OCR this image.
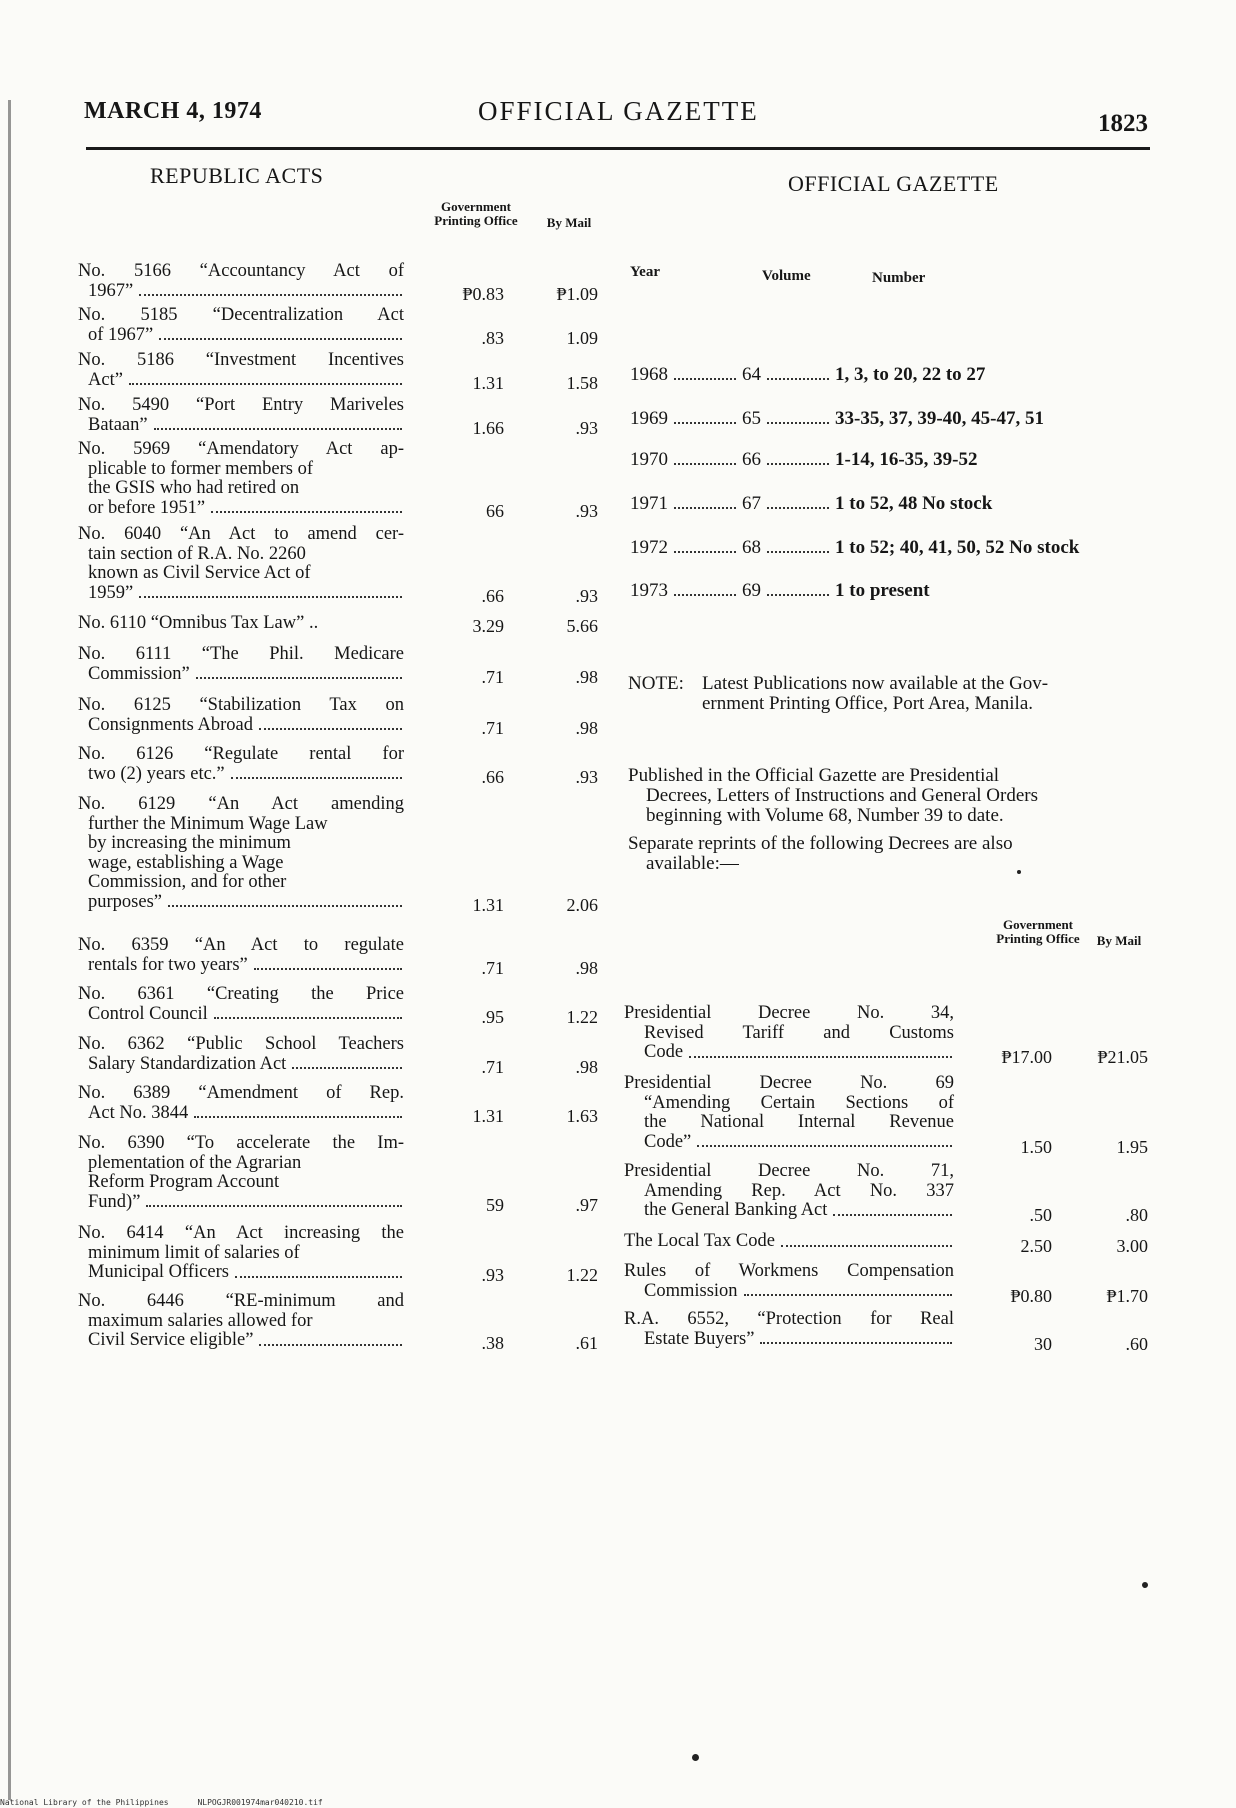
MARCH 4, 1974	OFFICIAL GAZETTE	1823
REPUBLIC ACTS
Government Printing Office	By Mail
No. 5166 “Accountancy Act of
1967”	₱0.83	₱1.09
No. 5185 “Decentralization Act
of 1967”	.83	1.09
No. 5186 “Investment Incentives
Act”	1.31	1.58
No. 5490 “Port Entry Mariveles
Bataan”	1.66	.93
No. 5969 “Amendatory Act ap-
plicable to former members of
the GSIS who had retired on
or before 1951”	66	.93
No. 6040 “An Act to amend cer-
tain section of R.A. No. 2260
known as Civil Service Act of
1959”	.66	.93
No. 6110 “Omnibus Tax Law” ..	3.29	5.66
No. 6111 “The Phil. Medicare
Commission”	.71	.98
No. 6125 “Stabilization Tax on
Consignments Abroad	.71	.98
No. 6126 “Regulate rental for
two (2) years etc.”	.66	.93
No. 6129 “An Act amending
further the Minimum Wage Law
by increasing the minimum
wage, establishing a Wage
Commission, and for other
purposes”	1.31	2.06
No. 6359 “An Act to regulate
rentals for two years”	.71	.98
No. 6361 “Creating the Price
Control Council	.95	1.22
No. 6362 “Public School Teachers
Salary Standardization Act	.71	.98
No. 6389 “Amendment of Rep.
Act No. 3844	1.31	1.63
No. 6390 “To accelerate the Im-
plementation of the Agrarian
Reform Program Account
Fund)”	59	.97
No. 6414 “An Act increasing the
minimum limit of salaries of
Municipal Officers	.93	1.22
No. 6446 “RE-minimum and
maximum salaries allowed for
Civil Service eligible”	.38	.61
OFFICIAL GAZETTE
Year	Volume	Number
1968	64	1, 3, to 20, 22 to 27
1969	65	33-35, 37, 39-40, 45-47, 51
1970	66	1-14, 16-35, 39-52
1971	67	1 to 52, 48 No stock
1972	68	1 to 52; 40, 41, 50, 52 No stock
1973	69	1 to present
NOTE: Latest Publications now available at the Gov-
ernment Printing Office, Port Area, Manila.
Published in the Official Gazette are Presidential
Decrees, Letters of Instructions and General Orders
beginning with Volume 68, Number 39 to date.
Separate reprints of the following Decrees are also
available:—
Government Printing Office	By Mail
Presidential Decree No. 34,
Revised Tariff and Customs
Code	₱17.00	₱21.05
Presidential Decree No. 69
“Amending Certain Sections of
the National Internal Revenue
Code”	1.50	1.95
Presidential Decree No. 71,
Amending Rep. Act No. 337
the General Banking Act	.50	.80
The Local Tax Code	2.50	3.00
Rules of Workmens Compensation
Commission	₱0.80	₱1.70
R.A. 6552, “Protection for Real
Estate Buyers”	30	.60
National Library of the Philippines	NLPOGJR001974mar040210.tif
